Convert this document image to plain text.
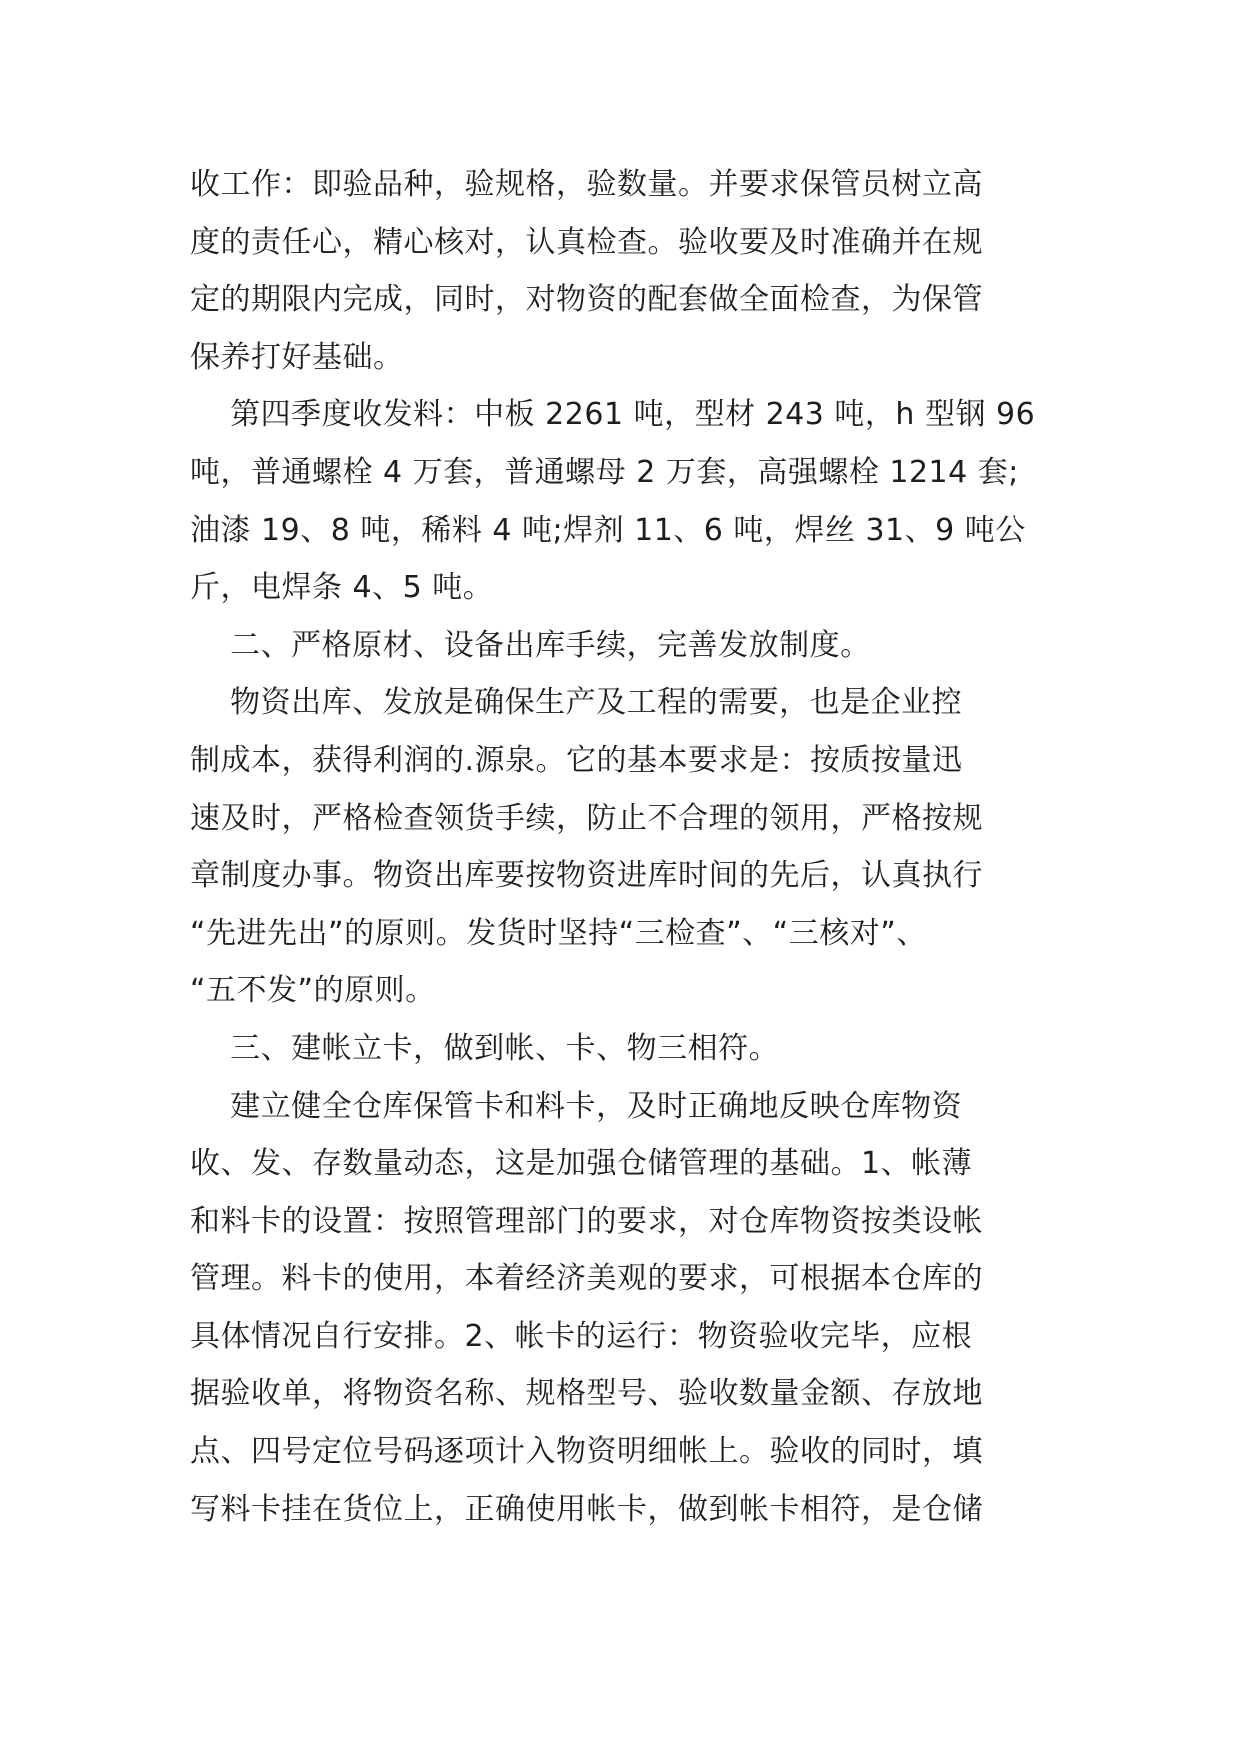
收工作：即验品种，验规格，验数量。并要求保管员树立高
度的责任心，精心核对，认真检查。验收要及时准确并在规
定的期限内完成，同时，对物资的配套做全面检查，为保管
保养打好基础。
第四季度收发料：中板 2261 吨，型材 243 吨，h 型钢 96
吨，普通螺栓 4 万套，普通螺母 2 万套，高强螺栓 1214 套;
油漆 19、8 吨，稀料 4 吨;焊剂 11、6 吨，焊丝 31、9 吨公
斤，电焊条 4、5 吨。
二、严格原材、设备出库手续，完善发放制度。
物资出库、发放是确保生产及工程的需要，也是企业控
制成本，获得利润的.源泉。它的基本要求是：按质按量迅
速及时，严格检查领货手续，防止不合理的领用，严格按规
章制度办事。物资出库要按物资进库时间的先后，认真执行
“先进先出”的原则。发货时坚持“三检查”、“三核对”、
“五不发”的原则。
三、建帐立卡，做到帐、卡、物三相符。
建立健全仓库保管卡和料卡，及时正确地反映仓库物资
收、发、存数量动态，这是加强仓储管理的基础。1、帐薄
和料卡的设置：按照管理部门的要求，对仓库物资按类设帐
管理。料卡的使用，本着经济美观的要求，可根据本仓库的
具体情况自行安排。2、帐卡的运行：物资验收完毕，应根
据验收单，将物资名称、规格型号、验收数量金额、存放地
点、四号定位号码逐项计入物资明细帐上。验收的同时，填
写料卡挂在货位上，正确使用帐卡，做到帐卡相符，是仓储
